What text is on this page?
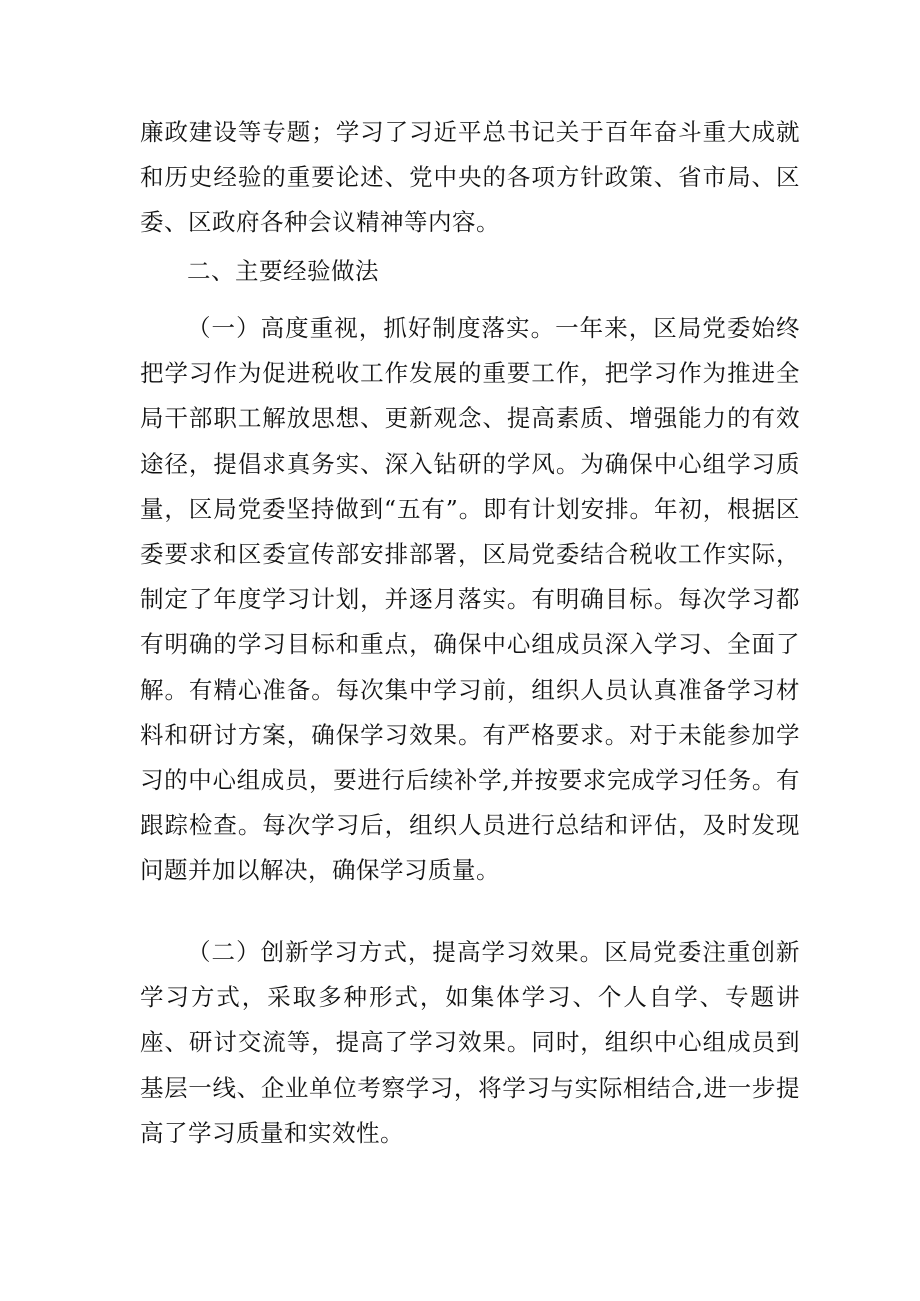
廉政建设等专题；学习了习近平总书记关于百年奋斗重大成就和历史经验的重要论述、党中央的各项方针政策、省市局、区委、区政府各种会议精神等内容。

二、主要经验做法

（一）高度重视，抓好制度落实。一年来，区局党委始终把学习作为促进税收工作发展的重要工作，把学习作为推进全局干部职工解放思想、更新观念、提高素质、增强能力的有效途径，提倡求真务实、深入钻研的学风。为确保中心组学习质量，区局党委坚持做到“五有”。即有计划安排。年初，根据区委要求和区委宣传部安排部署，区局党委结合税收工作实际，制定了年度学习计划，并逐月落实。有明确目标。每次学习都有明确的学习目标和重点，确保中心组成员深入学习、全面了解。有精心准备。每次集中学习前，组织人员认真准备学习材料和研讨方案，确保学习效果。有严格要求。对于未能参加学习的中心组成员，要进行后续补学,并按要求完成学习任务。有跟踪检查。每次学习后，组织人员进行总结和评估，及时发现问题并加以解决，确保学习质量。

（二）创新学习方式，提高学习效果。区局党委注重创新学习方式，采取多种形式，如集体学习、个人自学、专题讲座、研讨交流等，提高了学习效果。同时，组织中心组成员到基层一线、企业单位考察学习，将学习与实际相结合,进一步提高了学习质量和实效性。
